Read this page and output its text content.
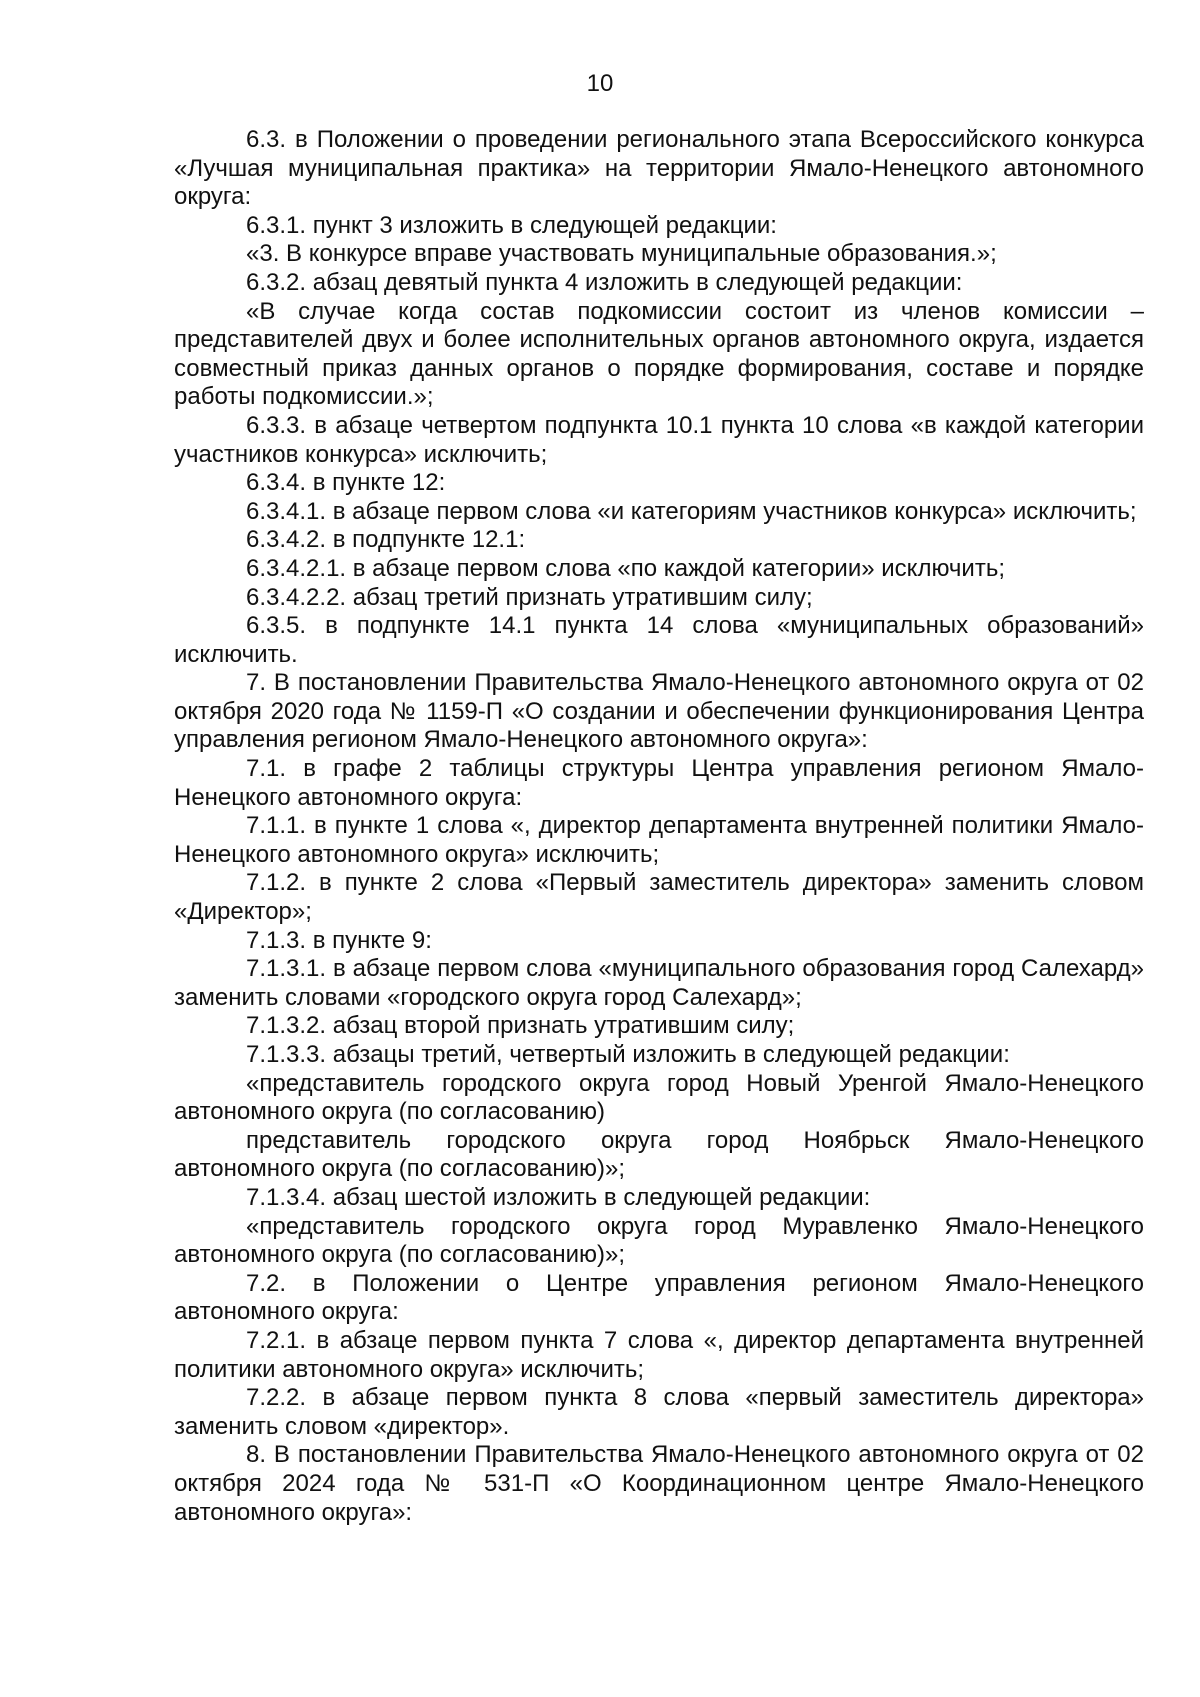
10

6.3. в Положении о проведении регионального этапа Всероссийского конкурса «Лучшая муниципальная практика» на территории Ямало-Ненецкого автономного округа:

6.3.1. пункт 3 изложить в следующей редакции:

«3. В конкурсе вправе участвовать муниципальные образования.»;

6.3.2. абзац девятый пункта 4 изложить в следующей редакции:

«В случае когда состав подкомиссии состоит из членов комиссии – представителей двух и более исполнительных органов автономного округа, издается совместный приказ данных органов о порядке формирования, составе и порядке работы подкомиссии.»;

6.3.3. в абзаце четвертом подпункта 10.1 пункта 10 слова «в каждой категории участников конкурса» исключить;

6.3.4. в пункте 12:

6.3.4.1. в абзаце первом слова «и категориям участников конкурса» исключить;

6.3.4.2. в подпункте 12.1:

6.3.4.2.1. в абзаце первом слова «по каждой категории» исключить;

6.3.4.2.2. абзац третий признать утратившим силу;

6.3.5. в подпункте 14.1 пункта 14 слова «муниципальных образований» исключить.

7. В постановлении Правительства Ямало-Ненецкого автономного округа от 02 октября 2020 года № 1159-П «О создании и обеспечении функционирования Центра управления регионом Ямало-Ненецкого автономного округа»:

7.1. в графе 2 таблицы структуры Центра управления регионом Ямало-Ненецкого автономного округа:

7.1.1. в пункте 1 слова «, директор департамента внутренней политики Ямало-Ненецкого автономного округа» исключить;

7.1.2. в пункте 2 слова «Первый заместитель директора» заменить словом «Директор»;

7.1.3. в пункте 9:

7.1.3.1. в абзаце первом слова «муниципального образования город Салехард» заменить словами «городского округа город Салехард»;

7.1.3.2. абзац второй признать утратившим силу;

7.1.3.3. абзацы третий, четвертый изложить в следующей редакции:

«представитель городского округа город Новый Уренгой Ямало-Ненецкого автономного округа (по согласованию)

представитель городского округа город Ноябрьск Ямало-Ненецкого автономного округа (по согласованию)»;

7.1.3.4. абзац шестой изложить в следующей редакции:

«представитель городского округа город Муравленко Ямало-Ненецкого автономного округа (по согласованию)»;

7.2. в Положении о Центре управления регионом Ямало-Ненецкого автономного округа:

7.2.1. в абзаце первом пункта 7 слова «, директор департамента внутренней политики автономного округа» исключить;

7.2.2. в абзаце первом пункта 8 слова «первый заместитель директора» заменить словом «директор».

8. В постановлении Правительства Ямало-Ненецкого автономного округа от 02 октября 2024 года № 531-П «О Координационном центре Ямало-Ненецкого автономного округа»:
